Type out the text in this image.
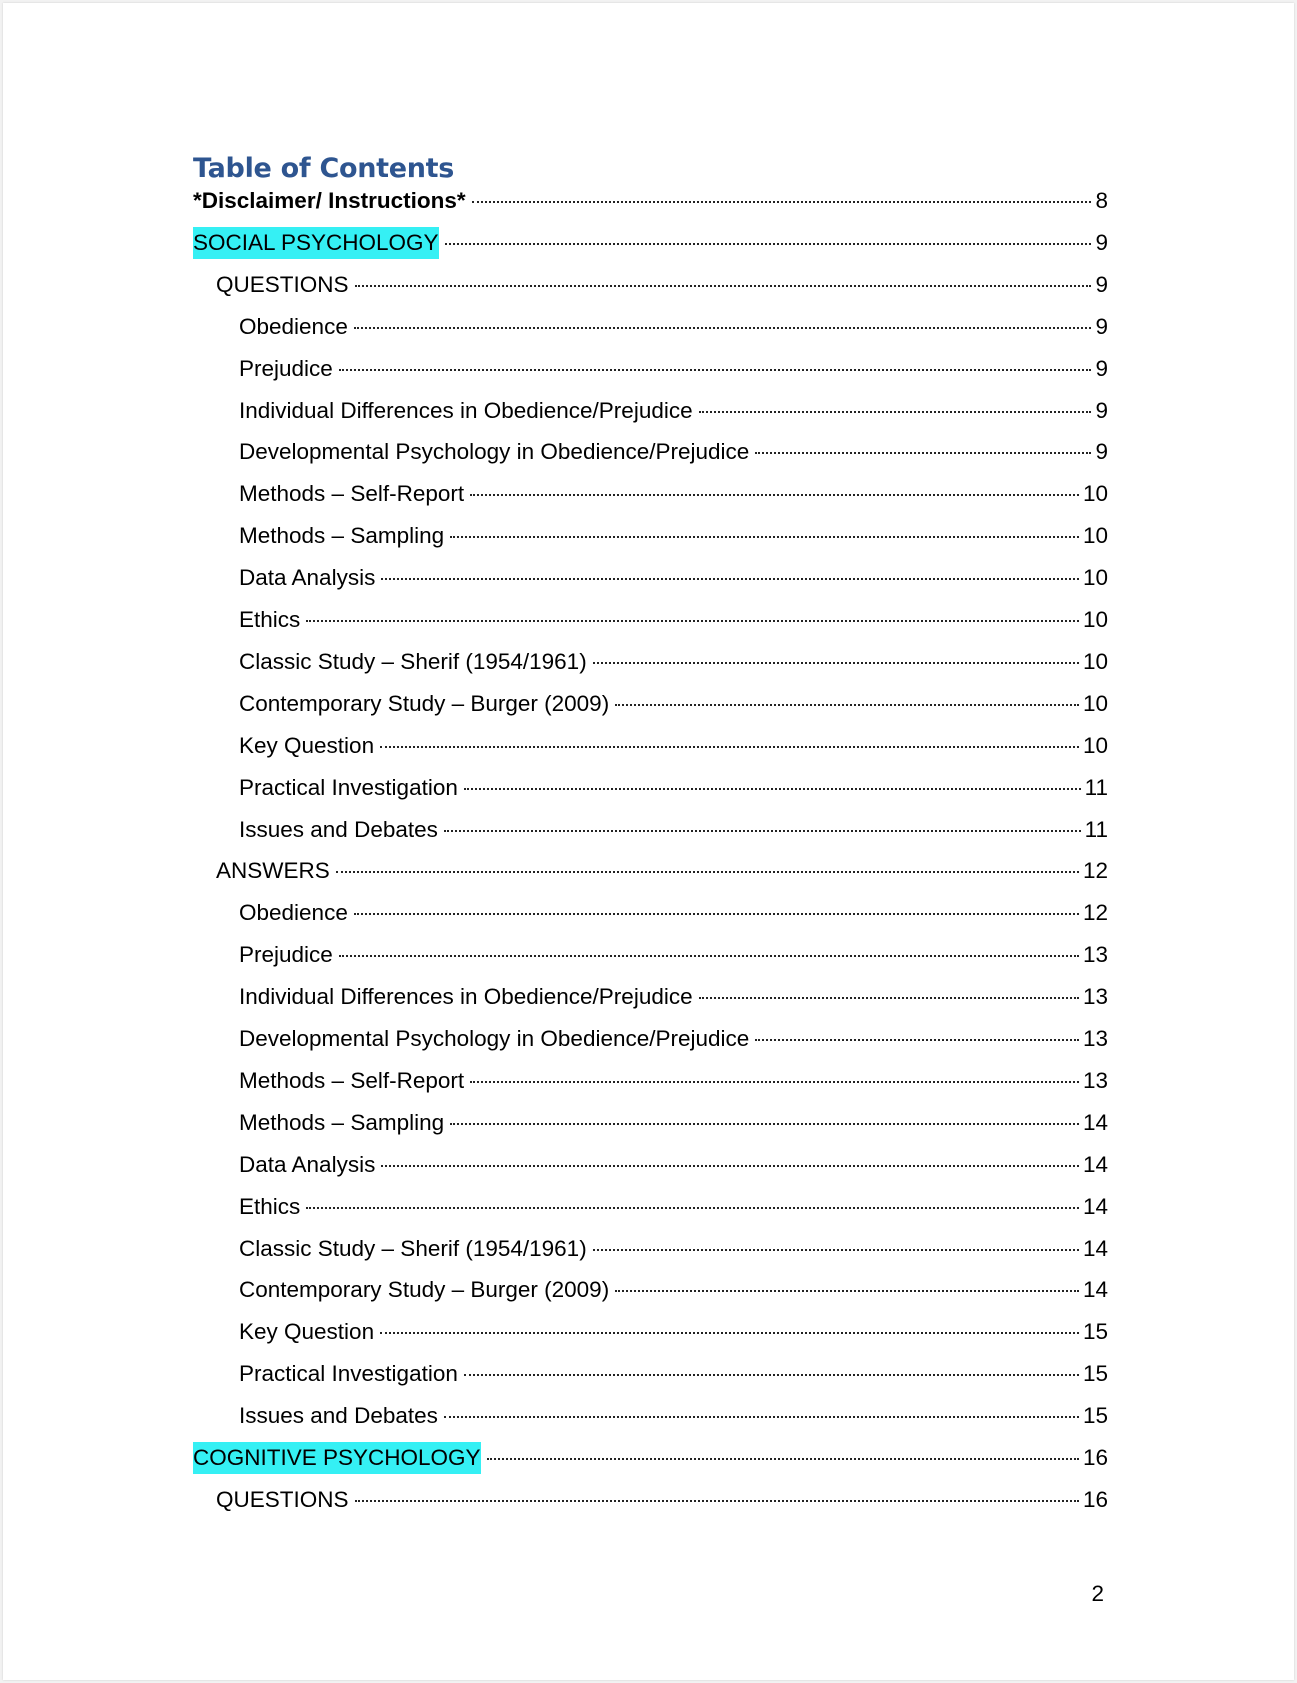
Table of Contents
*Disclaimer/ Instructions*	8
SOCIAL PSYCHOLOGY	9
QUESTIONS	9
Obedience	9
Prejudice	9
Individual Differences in Obedience/Prejudice	9
Developmental Psychology in Obedience/Prejudice	9
Methods – Self-Report	10
Methods – Sampling	10
Data Analysis	10
Ethics	10
Classic Study – Sherif (1954/1961)	10
Contemporary Study – Burger (2009)	10
Key Question	10
Practical Investigation	11
Issues and Debates	11
ANSWERS	12
Obedience	12
Prejudice	13
Individual Differences in Obedience/Prejudice	13
Developmental Psychology in Obedience/Prejudice	13
Methods – Self-Report	13
Methods – Sampling	14
Data Analysis	14
Ethics	14
Classic Study – Sherif (1954/1961)	14
Contemporary Study – Burger (2009)	14
Key Question	15
Practical Investigation	15
Issues and Debates	15
COGNITIVE PSYCHOLOGY	16
QUESTIONS	16
2
